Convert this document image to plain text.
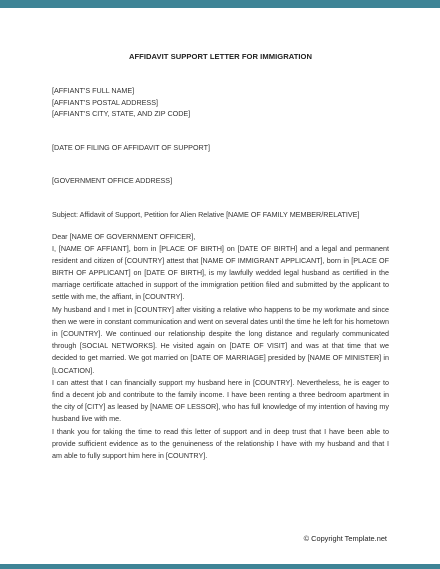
AFFIDAVIT SUPPORT LETTER FOR IMMIGRATION

[AFFIANT'S FULL NAME]

[AFFIANT'S POSTAL ADDRESS]

[AFFIANT'S CITY, STATE, AND ZIP CODE]

[DATE OF FILING OF AFFIDAVIT OF SUPPORT]

[GOVERNMENT OFFICE ADDRESS]

Subject: Affidavit of Support, Petition for Alien Relative [NAME OF FAMILY MEMBER/RELATIVE]

Dear [NAME OF GOVERNMENT OFFICER],

I, [NAME OF AFFIANT], born in [PLACE OF BIRTH] on [DATE OF BIRTH] and a legal and permanent resident and citizen of [COUNTRY] attest that [NAME OF IMMIGRANT APPLICANT], born in [PLACE OF BIRTH OF APPLICANT] on [DATE OF BIRTH], is my lawfully wedded legal husband as certified in the marriage certificate attached in support of the immigration petition filed and submitted by the applicant to settle with me, the affiant, in [COUNTRY].

My husband and I met in [COUNTRY] after visiting a relative who happens to be my workmate and since then we were in constant communication and went on several dates until the time he left for his hometown in [COUNTRY]. We continued our relationship despite the long distance and regularly communicated through [SOCIAL NETWORKS]. He visited again on [DATE OF VISIT] and was at that time that we decided to get married. We got married on [DATE OF MARRIAGE] presided by [NAME OF MINISTER] in [LOCATION].

I can attest that I can financially support my husband here in [COUNTRY]. Nevertheless, he is eager to find a decent job and contribute to the family income. I have been renting a three bedroom apartment in the city of [CITY] as leased by [NAME OF LESSOR], who has full knowledge of my intention of having my husband live with me.

I thank you for taking the time to read this letter of support and in deep trust that I have been able to provide sufficient evidence as to the genuineness of the relationship I have with my husband and that I am able to fully support him here in [COUNTRY].

© Copyright Template.net
